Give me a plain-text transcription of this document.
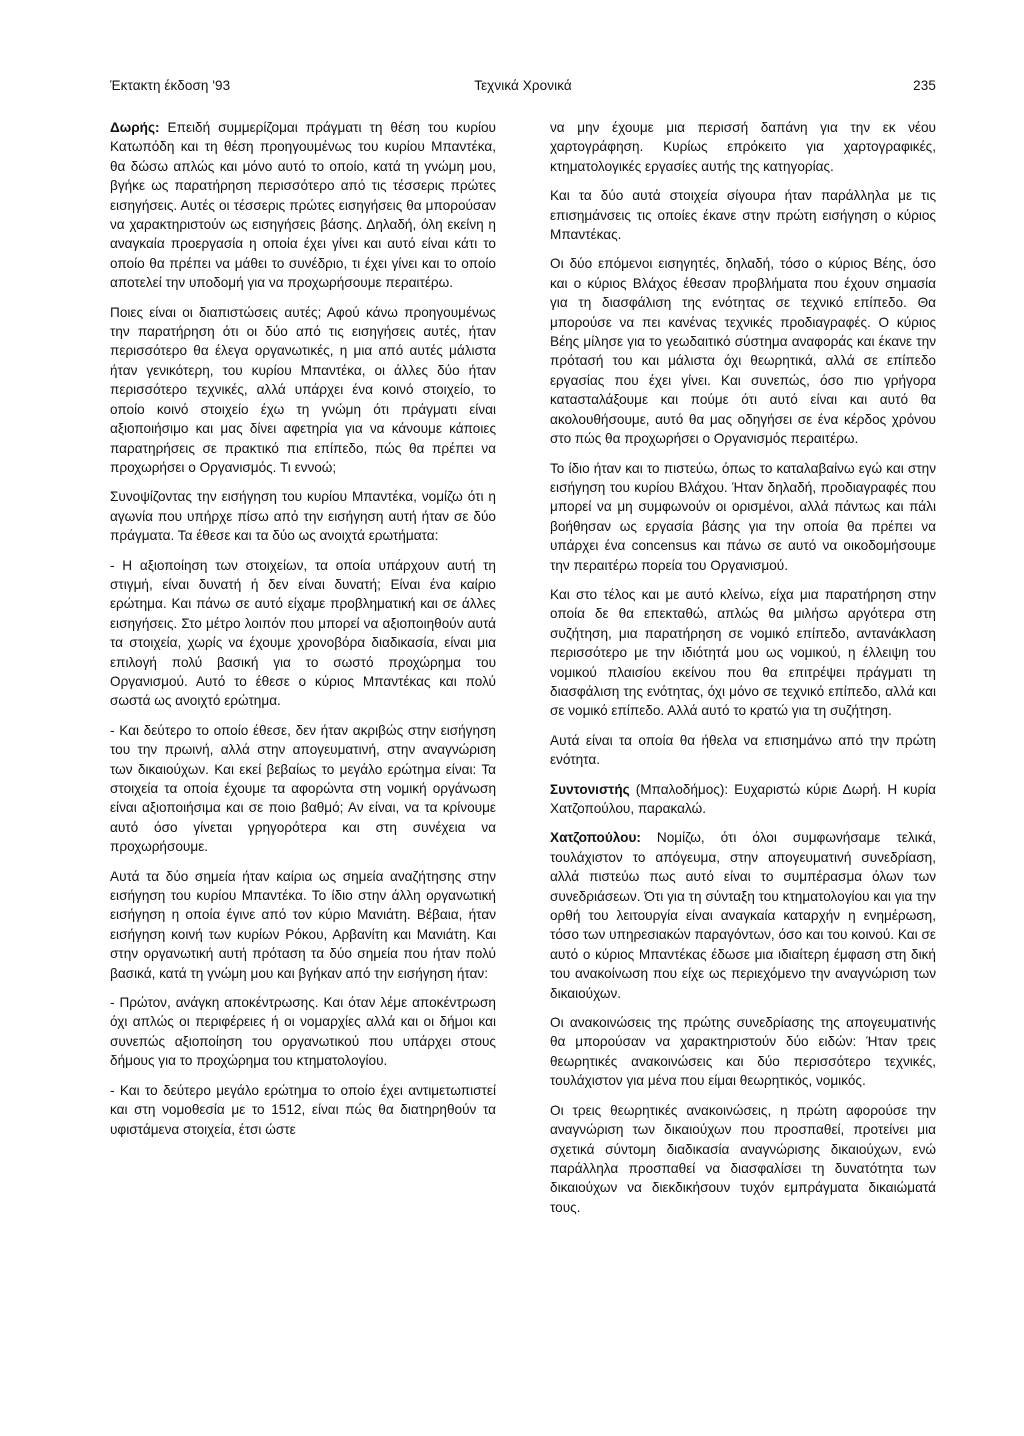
Έκτακτη έκδοση '93	Τεχνικά Χρονικά	235

Δωρής: Επειδή συμμερίζομαι πράγματι τη θέση του κυρίου Κατωπόδη και τη θέση προηγουμένως του κυρίου Μπαντέκα, θα δώσω απλώς και μόνο αυτό το οποίο, κατά τη γνώμη μου, βγήκε ως παρατήρηση περισσότερο από τις τέσσερις πρώτες εισηγήσεις. Αυτές οι τέσσερις πρώτες εισηγήσεις θα μπορούσαν να χαρακτηριστούν ως εισηγήσεις βάσης. Δηλαδή, όλη εκείνη η αναγκαία προεργασία η οποία έχει γίνει και αυτό είναι κάτι το οποίο θα πρέπει να μάθει το συνέδριο, τι έχει γίνει και το οποίο αποτελεί την υποδομή για να προχωρήσουμε περαιτέρω.

Ποιες είναι οι διαπιστώσεις αυτές; Αφού κάνω προηγουμένως την παρατήρηση ότι οι δύο από τις εισηγήσεις αυτές, ήταν περισσότερο θα έλεγα οργανωτικές, η μια από αυτές μάλιστα ήταν γενικότερη, του κυρίου Μπαντέκα, οι άλλες δύο ήταν περισσότερο τεχνικές, αλλά υπάρχει ένα κοινό στοιχείο, το οποίο κοινό στοιχείο έχω τη γνώμη ότι πράγματι είναι αξιοποιήσιμο και μας δίνει αφετηρία για να κάνουμε κάποιες παρατηρήσεις σε πρακτικό πια επίπεδο, πώς θα πρέπει να προχωρήσει ο Οργανισμός. Τι εννοώ;

Συνοψίζοντας την εισήγηση του κυρίου Μπαντέκα, νομίζω ότι η αγωνία που υπήρχε πίσω από την εισήγηση αυτή ήταν σε δύο πράγματα. Τα έθεσε και τα δύο ως ανοιχτά ερωτήματα:

- Η αξιοποίηση των στοιχείων, τα οποία υπάρχουν αυτή τη στιγμή, είναι δυνατή ή δεν είναι δυνατή; Είναι ένα καίριο ερώτημα. Και πάνω σε αυτό είχαμε προβληματική και σε άλλες εισηγήσεις. Στο μέτρο λοιπόν που μπορεί να αξιοποιηθούν αυτά τα στοιχεία, χωρίς να έχουμε χρονοβόρα διαδικασία, είναι μια επιλογή πολύ βασική για το σωστό προχώρημα του Οργανισμού. Αυτό το έθεσε ο κύριος Μπαντέκας και πολύ σωστά ως ανοιχτό ερώτημα.

- Και δεύτερο το οποίο έθεσε, δεν ήταν ακριβώς στην εισήγηση του την πρωινή, αλλά στην απογευματινή, στην αναγνώριση των δικαιούχων. Και εκεί βεβαίως το μεγάλο ερώτημα είναι: Τα στοιχεία τα οποία έχουμε τα αφορώντα στη νομική οργάνωση είναι αξιοποιήσιμα και σε ποιο βαθμό; Αν είναι, να τα κρίνουμε αυτό όσο γίνεται γρηγορότερα και στη συνέχεια να προχωρήσουμε.

Αυτά τα δύο σημεία ήταν καίρια ως σημεία αναζήτησης στην εισήγηση του κυρίου Μπαντέκα. Το ίδιο στην άλλη οργανωτική εισήγηση η οποία έγινε από τον κύριο Μανιάτη. Βέβαια, ήταν εισήγηση κοινή των κυρίων Ρόκου, Αρβανίτη και Μανιάτη. Και στην οργανωτική αυτή πρόταση τα δύο σημεία που ήταν πολύ βασικά, κατά τη γνώμη μου και βγήκαν από την εισήγηση ήταν:

- Πρώτον, ανάγκη αποκέντρωσης. Και όταν λέμε αποκέντρωση όχι απλώς οι περιφέρειες ή οι νομαρχίες αλλά και οι δήμοι και συνεπώς αξιοποίηση του οργανωτικού που υπάρχει στους δήμους για το προχώρημα του κτηματολογίου.

- Και το δεύτερο μεγάλο ερώτημα το οποίο έχει αντιμετωπιστεί και στη νομοθεσία με το 1512, είναι πώς θα διατηρηθούν τα υφιστάμενα στοιχεία, έτσι ώστε

να μην έχουμε μια περισσή δαπάνη για την εκ νέου χαρτογράφηση. Κυρίως επρόκειτο για χαρτογραφικές, κτηματολογικές εργασίες αυτής της κατηγορίας.

Και τα δύο αυτά στοιχεία σίγουρα ήταν παράλληλα με τις επισημάνσεις τις οποίες έκανε στην πρώτη εισήγηση ο κύριος Μπαντέκας.

Οι δύο επόμενοι εισηγητές, δηλαδή, τόσο ο κύριος Βέης, όσο και ο κύριος Βλάχος έθεσαν προβλήματα που έχουν σημασία για τη διασφάλιση της ενότητας σε τεχνικό επίπεδο. Θα μπορούσε να πει κανένας τεχνικές προδιαγραφές. Ο κύριος Βέης μίλησε για το γεωδαιτικό σύστημα αναφοράς και έκανε την πρότασή του και μάλιστα όχι θεωρητικά, αλλά σε επίπεδο εργασίας που έχει γίνει. Και συνεπώς, όσο πιο γρήγορα κατασταλάξουμε και πούμε ότι αυτό είναι και αυτό θα ακολουθήσουμε, αυτό θα μας οδηγήσει σε ένα κέρδος χρόνου στο πώς θα προχωρήσει ο Οργανισμός περαιτέρω.

Το ίδιο ήταν και το πιστεύω, όπως το καταλαβαίνω εγώ και στην εισήγηση του κυρίου Βλάχου. Ήταν δηλαδή, προδιαγραφές που μπορεί να μη συμφωνούν οι ορισμένοι, αλλά πάντως και πάλι βοήθησαν ως εργασία βάσης για την οποία θα πρέπει να υπάρχει ένα concensus και πάνω σε αυτό να οικοδομήσουμε την περαιτέρω πορεία του Οργανισμού.

Και στο τέλος και με αυτό κλείνω, είχα μια παρατήρηση στην οποία δε θα επεκταθώ, απλώς θα μιλήσω αργότερα στη συζήτηση, μια παρατήρηση σε νομικό επίπεδο, αντανάκλαση περισσότερο με την ιδιότητά μου ως νομικού, η έλλειψη του νομικού πλαισίου εκείνου που θα επιτρέψει πράγματι τη διασφάλιση της ενότητας, όχι μόνο σε τεχνικό επίπεδο, αλλά και σε νομικό επίπεδο. Αλλά αυτό το κρατώ για τη συζήτηση.

Αυτά είναι τα οποία θα ήθελα να επισημάνω από την πρώτη ενότητα.

Συντονιστής (Μπαλοδήμος): Ευχαριστώ κύριε Δωρή. Η κυρία Χατζοπούλου, παρακαλώ.

Χατζοπούλου: Νομίζω, ότι όλοι συμφωνήσαμε τελικά, τουλάχιστον το απόγευμα, στην απογευματινή συνεδρίαση, αλλά πιστεύω πως αυτό είναι το συμπέρασμα όλων των συνεδριάσεων. Ότι για τη σύνταξη του κτηματολογίου και για την ορθή του λειτουργία είναι αναγκαία καταρχήν η ενημέρωση, τόσο των υπηρεσιακών παραγόντων, όσο και του κοινού. Και σε αυτό ο κύριος Μπαντέκας έδωσε μια ιδιαίτερη έμφαση στη δική του ανακοίνωση που είχε ως περιεχόμενο την αναγνώριση των δικαιούχων.

Οι ανακοινώσεις της πρώτης συνεδρίασης της απογευματινής θα μπορούσαν να χαρακτηριστούν δύο ειδών: Ήταν τρεις θεωρητικές ανακοινώσεις και δύο περισσότερο τεχνικές, τουλάχιστον για μένα που είμαι θεωρητικός, νομικός.

Οι τρεις θεωρητικές ανακοινώσεις, η πρώτη αφορούσε την αναγνώριση των δικαιούχων που προσπαθεί, προτείνει μια σχετικά σύντομη διαδικασία αναγνώρισης δικαιούχων, ενώ παράλληλα προσπαθεί να διασφαλίσει τη δυνατότητα των δικαιούχων να διεκδικήσουν τυχόν εμπράγματα δικαιώματά τους.
